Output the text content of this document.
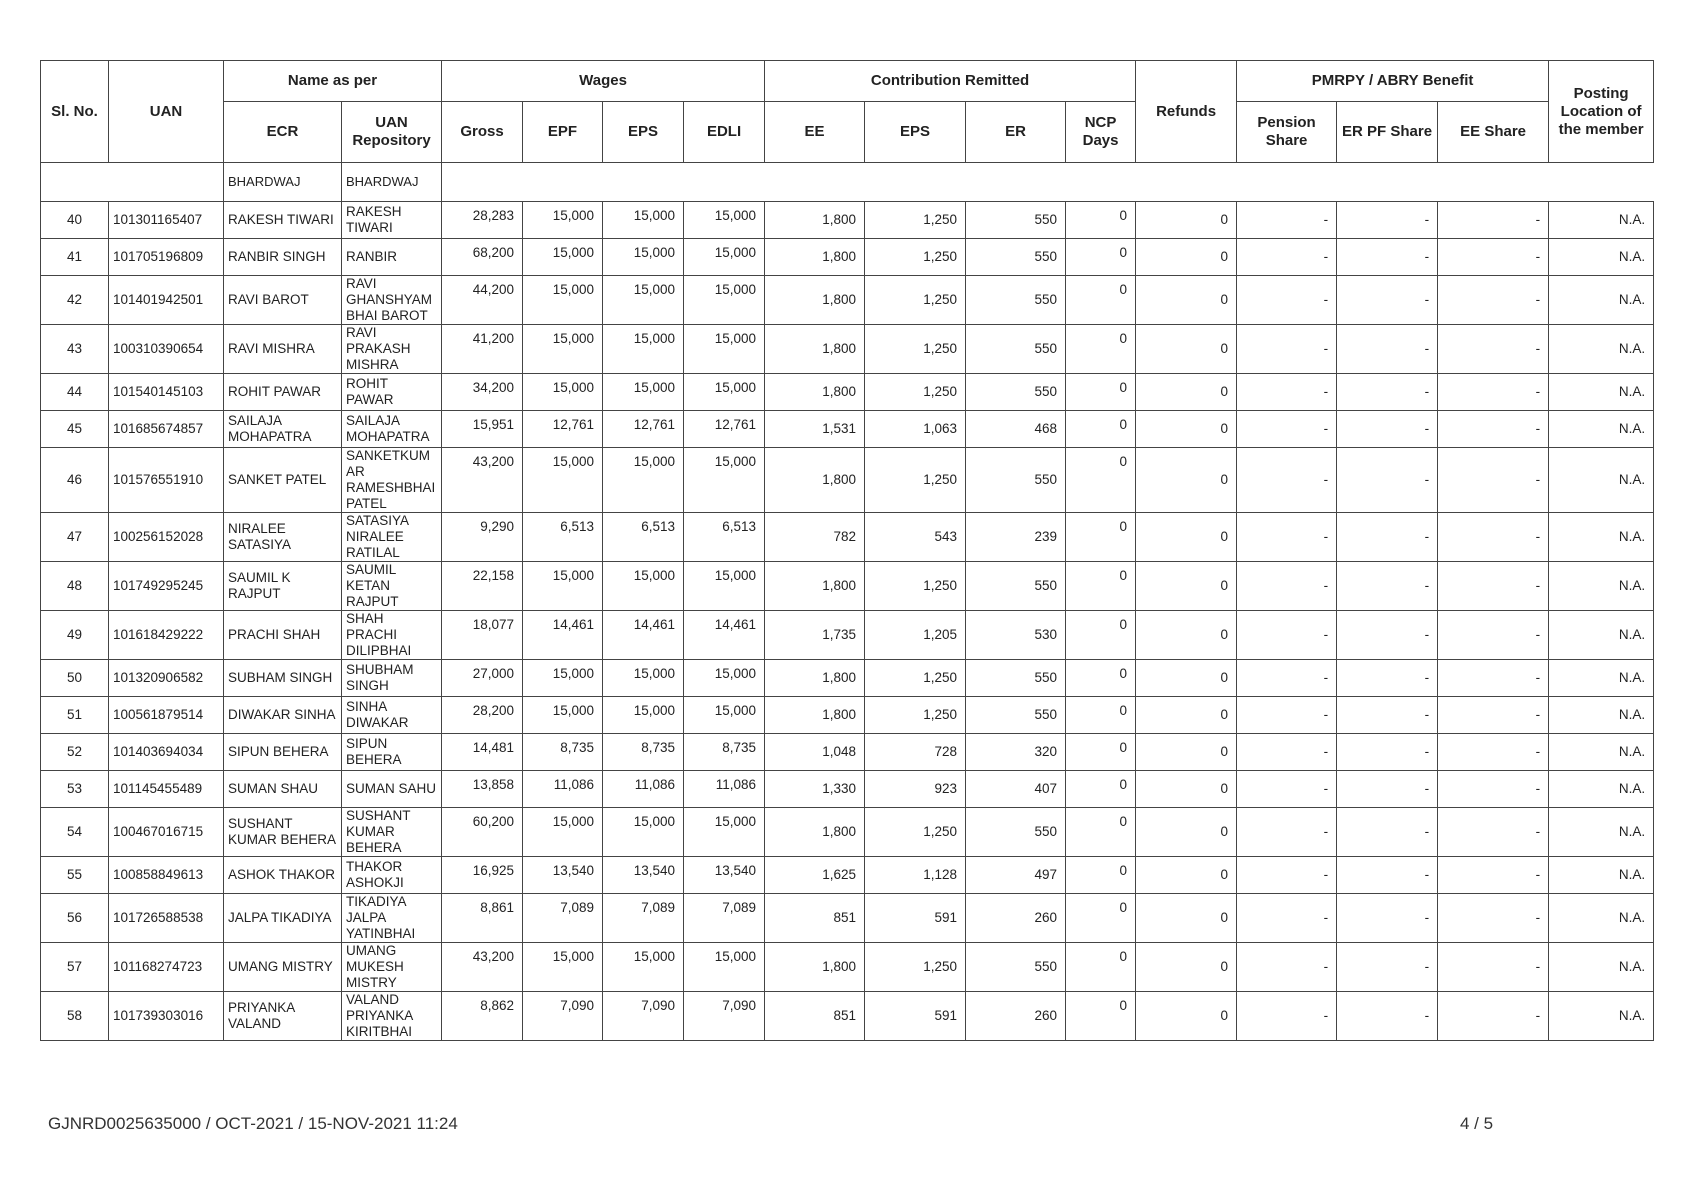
Sl. No.	UAN	Name as per		Wages				Contribution Remitted				Refunds	PMRPY / ABRY Benefit			Posting Location of the member
		ECR	UAN Repository	Gross	EPF	EPS	EDLI	EE	EPS	ER	NCP Days		Pension Share	ER PF Share	EE Share	
		BHARDWAJ	BHARDWAJ													
40	101301165407	RAKESH TIWARI	RAKESH TIWARI	28,283	15,000	15,000	15,000	1,800	1,250	550	0	0	-	-	-	N.A.
41	101705196809	RANBIR SINGH	RANBIR	68,200	15,000	15,000	15,000	1,800	1,250	550	0	0	-	-	-	N.A.
42	101401942501	RAVI BAROT	RAVI GHANSHYAM BHAI BAROT	44,200	15,000	15,000	15,000	1,800	1,250	550	0	0	-	-	-	N.A.
43	100310390654	RAVI MISHRA	RAVI PRAKASH MISHRA	41,200	15,000	15,000	15,000	1,800	1,250	550	0	0	-	-	-	N.A.
44	101540145103	ROHIT PAWAR	ROHIT PAWAR	34,200	15,000	15,000	15,000	1,800	1,250	550	0	0	-	-	-	N.A.
45	101685674857	SAILAJA MOHAPATRA	SAILAJA MOHAPATRA	15,951	12,761	12,761	12,761	1,531	1,063	468	0	0	-	-	-	N.A.
46	101576551910	SANKET PATEL	SANKETKUM AR RAMESHBHAI PATEL	43,200	15,000	15,000	15,000	1,800	1,250	550	0	0	-	-	-	N.A.
47	100256152028	NIRALEE SATASIYA	SATASIYA NIRALEE RATILAL	9,290	6,513	6,513	6,513	782	543	239	0	0	-	-	-	N.A.
48	101749295245	SAUMIL K RAJPUT	SAUMIL KETAN RAJPUT	22,158	15,000	15,000	15,000	1,800	1,250	550	0	0	-	-	-	N.A.
49	101618429222	PRACHI SHAH	SHAH PRACHI DILIPBHAI	18,077	14,461	14,461	14,461	1,735	1,205	530	0	0	-	-	-	N.A.
50	101320906582	SUBHAM SINGH	SHUBHAM SINGH	27,000	15,000	15,000	15,000	1,800	1,250	550	0	0	-	-	-	N.A.
51	100561879514	DIWAKAR SINHA	SINHA DIWAKAR	28,200	15,000	15,000	15,000	1,800	1,250	550	0	0	-	-	-	N.A.
52	101403694034	SIPUN BEHERA	SIPUN BEHERA	14,481	8,735	8,735	8,735	1,048	728	320	0	0	-	-	-	N.A.
53	101145455489	SUMAN SHAU	SUMAN SAHU	13,858	11,086	11,086	11,086	1,330	923	407	0	0	-	-	-	N.A.
54	100467016715	SUSHANT KUMAR BEHERA	SUSHANT KUMAR BEHERA	60,200	15,000	15,000	15,000	1,800	1,250	550	0	0	-	-	-	N.A.
55	100858849613	ASHOK THAKOR	THAKOR ASHOKJI	16,925	13,540	13,540	13,540	1,625	1,128	497	0	0	-	-	-	N.A.
56	101726588538	JALPA TIKADIYA	TIKADIYA JALPA YATINBHAI	8,861	7,089	7,089	7,089	851	591	260	0	0	-	-	-	N.A.
57	101168274723	UMANG MISTRY	UMANG MUKESH MISTRY	43,200	15,000	15,000	15,000	1,800	1,250	550	0	0	-	-	-	N.A.
58	101739303016	PRIYANKA VALAND	VALAND PRIYANKA KIRITBHAI	8,862	7,090	7,090	7,090	851	591	260	0	0	-	-	-	N.A.
GJNRD0025635000 / OCT-2021 / 15-NOV-2021 11:24	4 / 5
